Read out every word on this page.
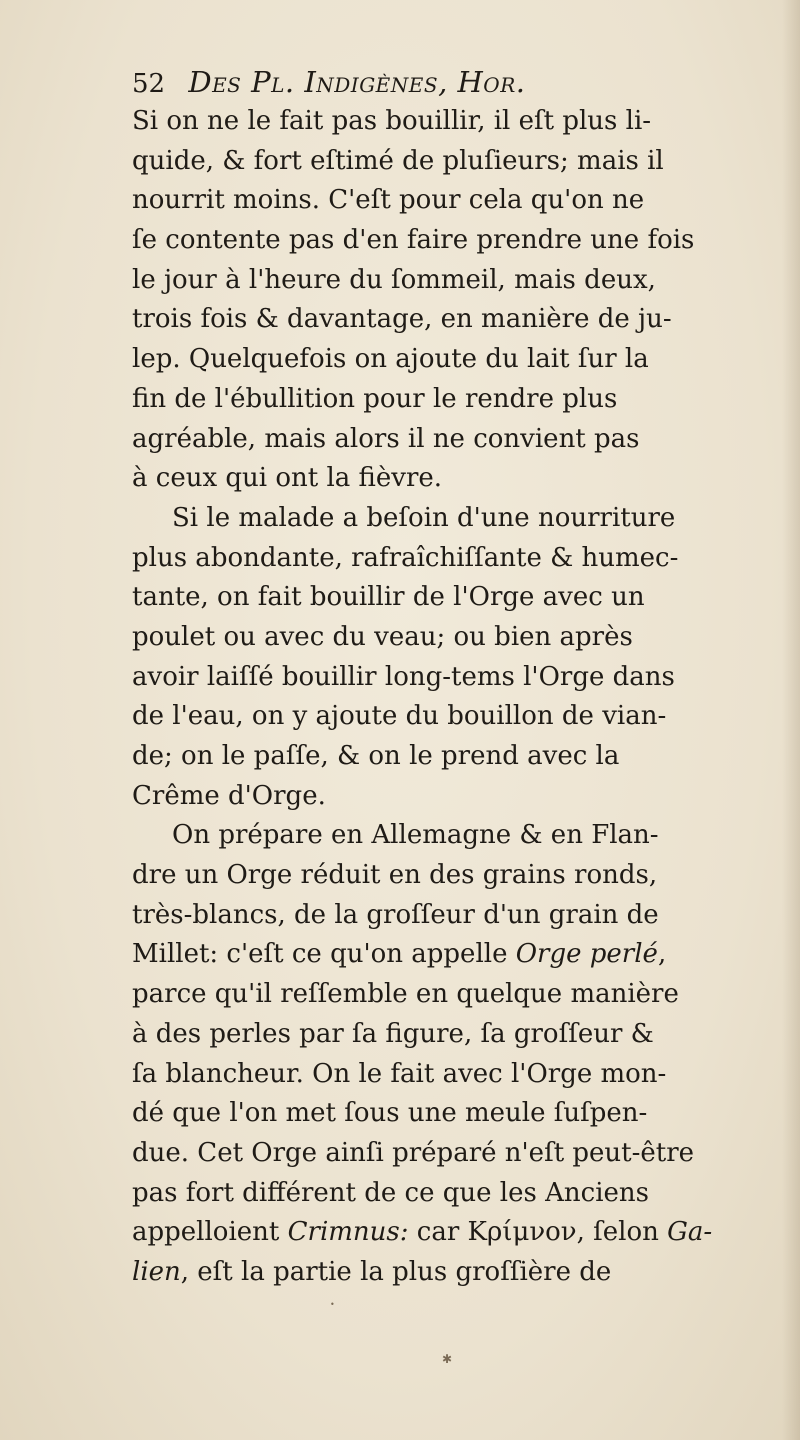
52 Des Pl. Indigènes, Hor.
Si on ne le fait pas bouillir, il eſt plus li-
quide, & fort eſtimé de pluſieurs; mais il
nourrit moins. C'eſt pour cela qu'on ne
ſe contente pas d'en faire prendre une fois
le jour à l'heure du ſommeil, mais deux,
trois fois & davantage, en manière de ju-
lep. Quelquefois on ajoute du lait ſur la
fin de l'ébullition pour le rendre plus
agréable, mais alors il ne convient pas
à ceux qui ont la fièvre.
Si le malade a beſoin d'une nourriture
plus abondante, rafraîchiſſante & humec-
tante, on fait bouillir de l'Orge avec un
poulet ou avec du veau; ou bien après
avoir laiſſé bouillir long-tems l'Orge dans
de l'eau, on y ajoute du bouillon de vian-
de; on le paſſe, & on le prend avec la
Crême d'Orge.
On prépare en Allemagne & en Flan-
dre un Orge réduit en des grains ronds,
très-blancs, de la groſſeur d'un grain de
Millet: c'eſt ce qu'on appelle Orge perlé,
parce qu'il reſſemble en quelque manière
à des perles par ſa figure, ſa groſſeur &
ſa blancheur. On le fait avec l'Orge mon-
dé que l'on met ſous une meule ſuſpen-
due. Cet Orge ainſi préparé n'eſt peut-être
pas fort différent de ce que les Anciens
appelloient Crimnus: car Κρίμνον, ſelon Ga-
lien, eſt la partie la plus groſſière de
✱
•
